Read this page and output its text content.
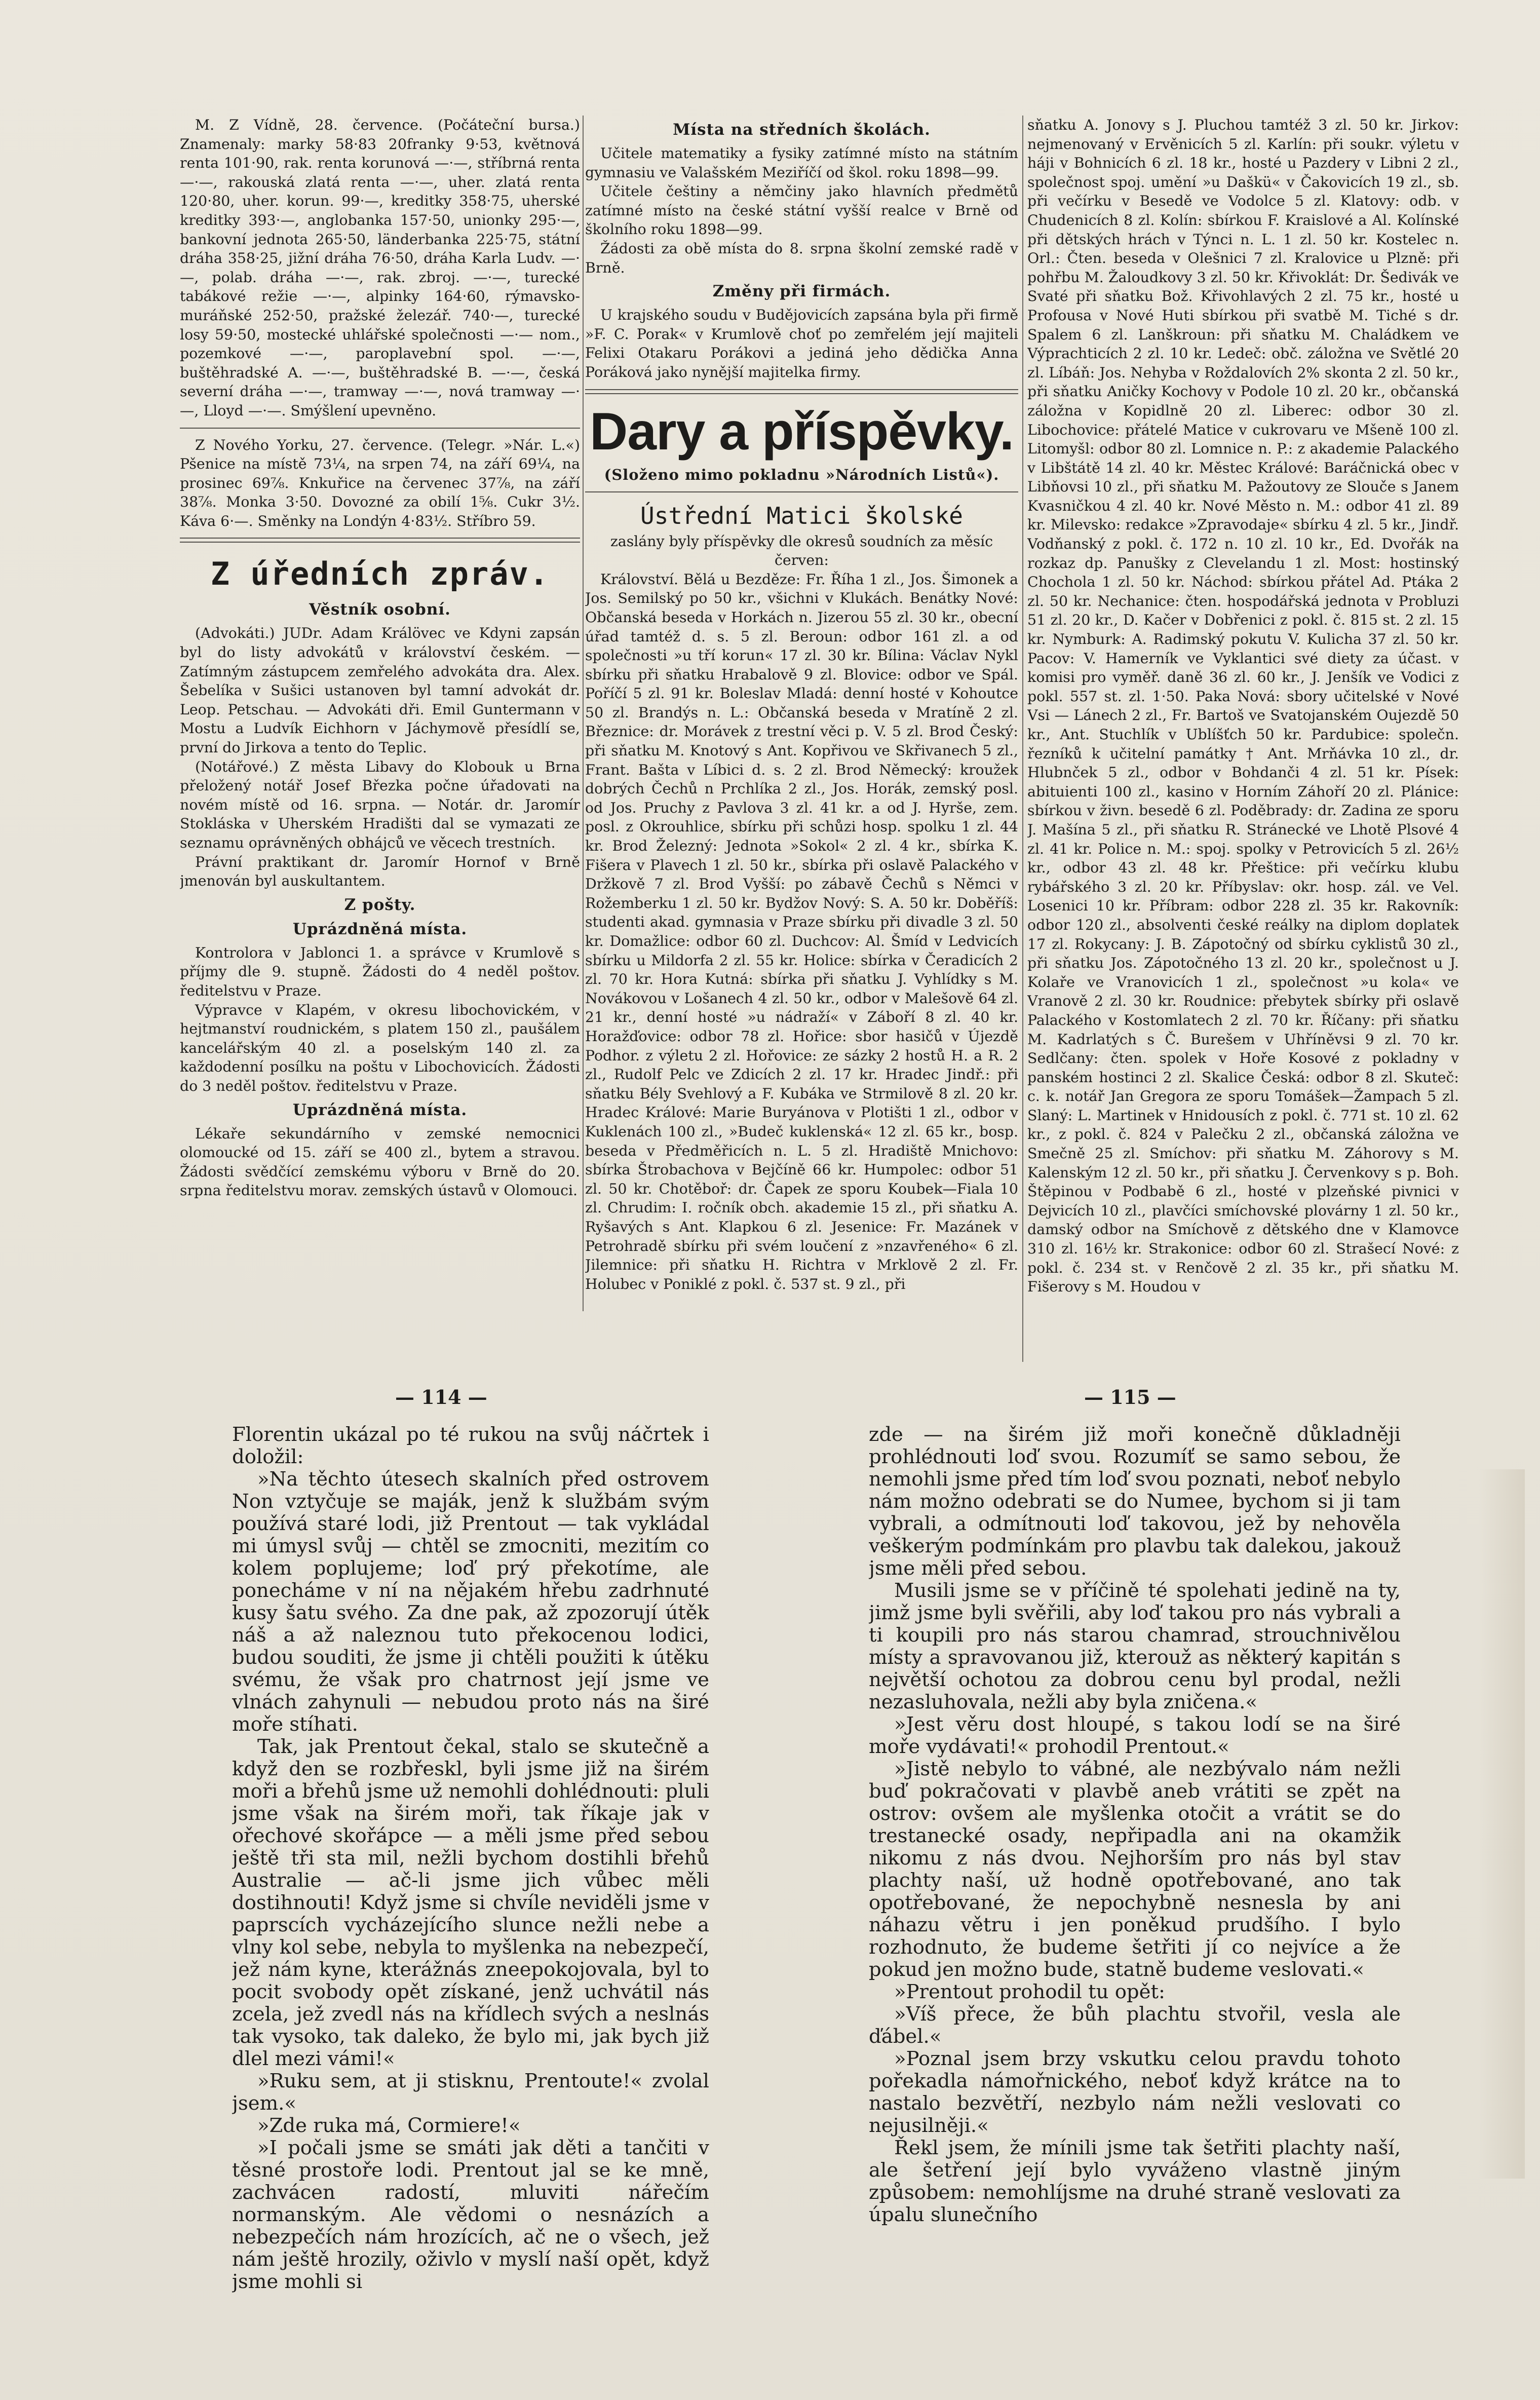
M. Z Vídně, 28. července. (Počáteční bursa.) Znamenaly: marky 58·83 20franky 9·53, květnová renta 101·90, rak. renta korunová —·—, stříbrná renta —·—, rakouská zlatá renta —·—, uher. zlatá renta 120·80, uher. korun. 99·—, kreditky 358·75, uherské kreditky 393·—, anglobanka 157·50, unionky 295·—, bankovní jednota 265·50, länderbanka 225·75, státní dráha 358·25, jižní dráha 76·50, dráha Karla Ludv. —·—, polab. dráha —·—, rak. zbroj. —·—, turecké tabákové režie —·—, alpinky 164·60, rýmavsko-muráňské 252·50, pražské železář. 740·—, turecké losy 59·50, mostecké uhlářské společnosti —·— nom., pozemkové —·—, paroplavební spol. —·—, buštěhradské A. —·—, buštěhradské B. —·—, česká severní dráha —·—, tramway —·—, nová tramway —·—, Lloyd —·—. Smýšlení upevněno.

Z Nového Yorku, 27. července. (Telegr. »Nár. L.«) Pšenice na místě 73¼, na srpen 74, na září 69¼, na prosinec 69⅞. Knkuřice na červenec 37⅞, na září 38⅞. Monka 3·50. Dovozné za obilí 1⅝. Cukr 3½. Káva 6·—. Směnky na Londýn 4·83½. Stříbro 59.

Z úředních zpráv.
Věstník osobní.

(Advokáti.) JUDr. Adam Králövec ve Kdyni zapsán byl do listy advokátů v království českém. — Zatímným zástupcem zemřelého advokáta dra. Alex. Šebelíka v Sušici ustanoven byl tamní advokát dr. Leop. Petschau. — Advokáti dři. Emil Guntermann v Mostu a Ludvík Eichhorn v Jáchymově přesídlí se, první do Jirkova a tento do Teplic.

(Notářové.) Z města Libavy do Klobouk u Brna přeložený notář Josef Březka počne úřadovati na novém místě od 16. srpna. — Notár. dr. Jaromír Stokláska v Uherském Hradišti dal se vymazati ze seznamu oprávněných obhájců ve věcech trestních.

Právní praktikant dr. Jaromír Hornof v Brně jmenován byl auskultantem.

Z pošty.
Uprázdněná místa.

Kontrolora v Jablonci 1. a správce v Krumlově s příjmy dle 9. stupně. Žádosti do 4 neděl poštov. ředitelstvu v Praze.

Výpravce v Klapém, v okresu libochovickém, v hejtmanství roudnickém, s platem 150 zl., paušálem kancelářským 40 zl. a poselským 140 zl. za každodenní posílku na poštu v Libochovicích. Žádosti do 3 neděl poštov. ředitelstvu v Praze.

Uprázdněná místa.

Lékaře sekundárního v zemské nemocnici olomoucké od 15. září se 400 zl., bytem a stravou. Žádosti svědčící zemskému výboru v Brně do 20. srpna ředitelstvu morav. zemských ústavů v Olomouci.

Místa na středních školách.

Učitele matematiky a fysiky zatímné místo na státním gymnasiu ve Valašském Meziříčí od škol. roku 1898—99.

Učitele češtiny a němčiny jako hlavních předmětů zatímné místo na české státní vyšší realce v Brně od školního roku 1898—99.

Žádosti za obě místa do 8. srpna školní zemské radě v Brně.

Změny při firmách.

U krajského soudu v Budějovicích zapsána byla při firmě »F. C. Porak« v Krumlově choť po zemřelém její majiteli Felixi Otakaru Porákovi a jediná jeho dědička Anna Poráková jako nynější majitelka firmy.

Dary a příspěvky.
(Složeno mimo pokladnu »Národních Listů«).
Ústřední Matici školské

zaslány byly příspěvky dle okresů soudních za měsíc červen:

Království. Bělá u Bezděze: Fr. Říha 1 zl., Jos. Šimonek a Jos. Semilský po 50 kr., všichni v Klukách. Benátky Nové: Občanská beseda v Horkách n. Jizerou 55 zl. 30 kr., obecní úřad tamtéž d. s. 5 zl. Beroun: odbor 161 zl. a od společnosti »u tří korun« 17 zl. 30 kr. Bílina: Václav Nykl sbírku při sňatku Hrabalově 9 zl. Blovice: odbor ve Spál. Poříčí 5 zl. 91 kr. Boleslav Mladá: denní hosté v Kohoutce 50 zl. Brandýs n. L.: Občanská beseda v Mratíně 2 zl. Březnice: dr. Morávek z trestní věci p. V. 5 zl. Brod Český: při sňatku M. Knotový s Ant. Kopřivou ve Skřivanech 5 zl., Frant. Bašta v Líbici d. s. 2 zl. Brod Německý: kroužek dobrých Čechů n Prchlíka 2 zl., Jos. Horák, zemský posl. od Jos. Pruchy z Pavlova 3 zl. 41 kr. a od J. Hyrše, zem. posl. z Okrouhlice, sbírku při schůzi hosp. spolku 1 zl. 44 kr. Brod Železný: Jednota »Sokol« 2 zl. 4 kr., sbírka K. Fišera v Plavech 1 zl. 50 kr., sbírka při oslavě Palackého v Držkově 7 zl. Brod Vyšší: po zábavě Čechů s Němci v Rožemberku 1 zl. 50 kr. Bydžov Nový: S. A. 50 kr. Doběříš: studenti akad. gymnasia v Praze sbírku při divadle 3 zl. 50 kr. Domažlice: odbor 60 zl. Duchcov: Al. Šmíd v Ledvicích sbírku u Mildorfa 2 zl. 55 kr. Holice: sbírka v Čeradicích 2 zl. 70 kr. Hora Kutná: sbírka při sňatku J. Vyhlídky s M. Novákovou v Lošanech 4 zl. 50 kr., odbor v Malešově 64 zl. 21 kr., denní hosté »u nádraží« v Záboří 8 zl. 40 kr. Horažďovice: odbor 78 zl. Hořice: sbor hasičů v Újezdě Podhor. z výletu 2 zl. Hořovice: ze sázky 2 hostů H. a R. 2 zl., Rudolf Pelc ve Zdicích 2 zl. 17 kr. Hradec Jindř.: při sňatku Bély Svehlový a F. Kubáka ve Strmilově 8 zl. 20 kr. Hradec Králové: Marie Buryánova v Plotišti 1 zl., odbor v Kuklenách 100 zl., »Budeč kuklenská« 12 zl. 65 kr., bosp. beseda v Předměřicích n. L. 5 zl. Hradiště Mnichovo: sbírka Štrobachova v Bejčíně 66 kr. Humpolec: odbor 51 zl. 50 kr. Chotěboř: dr. Čapek ze sporu Koubek—Fiala 10 zl. Chrudim: I. ročník obch. akademie 15 zl., při sňatku A. Ryšavých s Ant. Klapkou 6 zl. Jesenice: Fr. Mazánek v Petrohradě sbírku při svém loučení z »nzavřeného« 6 zl. Jilemnice: při sňatku H. Richtra v Mrklově 2 zl. Fr. Holubec v Poniklé z pokl. č. 537 st. 9 zl., při

sňatku A. Jonovy s J. Pluchou tamtéž 3 zl. 50 kr. Jirkov: nejmenovaný v Ervěnicích 5 zl. Karlín: při soukr. výletu v háji v Bohnicích 6 zl. 18 kr., hosté u Pazdery v Libni 2 zl., společnost spoj. umění »u Daškü« v Čakovicích 19 zl., sb. při večírku v Besedě ve Vodolce 5 zl. Klatovy: odb. v Chudenicích 8 zl. Kolín: sbírkou F. Kraislové a Al. Kolínské při dětských hrách v Týnci n. L. 1 zl. 50 kr. Kostelec n. Orl.: Čten. beseda v Olešnici 7 zl. Kralovice u Plzně: při pohřbu M. Žaloudkovy 3 zl. 50 kr. Křivoklát: Dr. Šedivák ve Svaté při sňatku Bož. Křivohlavých 2 zl. 75 kr., hosté u Profousa v Nové Huti sbírkou při svatbě M. Tiché s dr. Spalem 6 zl. Lanškroun: při sňatku M. Chaládkem ve Výprachticích 2 zl. 10 kr. Ledeč: obč. záložna ve Světlé 20 zl. Líbáň: Jos. Nehyba v Roždalovích 2% skonta 2 zl. 50 kr., při sňatku Aničky Kochovy v Podole 10 zl. 20 kr., občanská záložna v Kopidlně 20 zl. Liberec: odbor 30 zl. Libochovice: přátelé Matice v cukrovaru ve Mšeně 100 zl. Litomyšl: odbor 80 zl. Lomnice n. P.: z akademie Palackého v Libštátě 14 zl. 40 kr. Městec Králové: Baráčnická obec v Libňovsi 10 zl., při sňatku M. Pažoutovy ze Slouče s Janem Kvasničkou 4 zl. 40 kr. Nové Město n. M.: odbor 41 zl. 89 kr. Milevsko: redakce »Zpravodaje« sbírku 4 zl. 5 kr., Jindř. Vodňanský z pokl. č. 172 n. 10 zl. 10 kr., Ed. Dvořák na rozkaz dp. Panušky z Clevelandu 1 zl. Most: hostinský Chochola 1 zl. 50 kr. Náchod: sbírkou přátel Ad. Ptáka 2 zl. 50 kr. Nechanice: čten. hospodářská jednota v Probluzi 51 zl. 20 kr., D. Kačer v Dobřenici z pokl. č. 815 st. 2 zl. 15 kr. Nymburk: A. Radimský pokutu V. Kulicha 37 zl. 50 kr. Pacov: V. Hamerník ve Vyklantici své diety za účast. v komisi pro vyměř. daně 36 zl. 60 kr., J. Jenšík ve Vodici z pokl. 557 st. zl. 1·50. Paka Nová: sbory učitelské v Nové Vsi — Lánech 2 zl., Fr. Bartoš ve Svatojanském Oujezdě 50 kr., Ant. Stuchlík v Ublíšťch 50 kr. Pardubice: společn. řezníků k učitelní památky † Ant. Mrňávka 10 zl., dr. Hlubnček 5 zl., odbor v Bohdanči 4 zl. 51 kr. Písek: abituienti 100 zl., kasino v Horním Záhoří 20 zl. Plánice: sbírkou v živn. besedě 6 zl. Poděbrady: dr. Zadina ze sporu J. Mašína 5 zl., při sňatku R. Stránecké ve Lhotě Plsové 4 zl. 41 kr. Police n. M.: spoj. spolky v Petrovicích 5 zl. 26½ kr., odbor 43 zl. 48 kr. Přeštice: při večírku klubu rybářského 3 zl. 20 kr. Příbyslav: okr. hosp. zál. ve Vel. Losenici 10 kr. Příbram: odbor 228 zl. 35 kr. Rakovník: odbor 120 zl., absolventi české reálky na diplom doplatek 17 zl. Rokycany: J. B. Zápotočný od sbírku cyklistů 30 zl., při sňatku Jos. Zápotočného 13 zl. 20 kr., společnost u J. Kolaře ve Vranovicích 1 zl., společnost »u kola« ve Vranově 2 zl. 30 kr. Roudnice: přebytek sbírky při oslavě Palackého v Kostomlatech 2 zl. 70 kr. Říčany: při sňatku M. Kadrlatých s Č. Burešem v Uhříněvsi 9 zl. 70 kr. Sedlčany: čten. spolek v Hoře Kosové z pokladny v panském hostinci 2 zl. Skalice Česká: odbor 8 zl. Skuteč: c. k. notář Jan Gregora ze sporu Tomášek—Žampach 5 zl. Slaný: L. Martinek v Hnidousích z pokl. č. 771 st. 10 zl. 62 kr., z pokl. č. 824 v Palečku 2 zl., občanská záložna ve Smečně 25 zl. Smíchov: při sňatku M. Záhorovy s M. Kalenským 12 zl. 50 kr., při sňatku J. Červenkovy s p. Boh. Štěpinou v Podbabě 6 zl., hosté v plzeňské pivnici v Dejvicích 10 zl., plavčíci smíchovské plovárny 1 zl. 50 kr., damský odbor na Smíchově z dětského dne v Klamovce 310 zl. 16½ kr. Strakonice: odbor 60 zl. Strašecí Nové: z pokl. č. 234 st. v Renčově 2 zl. 35 kr., při sňatku M. Fišerovy s M. Houdou v

— 114 —	— 115 —

Florentin ukázal po té rukou na svůj náčrtek i doložil:

»Na těchto útesech skalních před ostrovem Non vztyčuje se maják, jenž k službám svým používá staré lodi, již Prentout — tak vykládal mi úmysl svůj — chtěl se zmocniti, mezitím co kolem poplujeme; loď prý překotíme, ale ponecháme v ní na nějakém hřebu zadrhnuté kusy šatu svého. Za dne pak, až zpozorují útěk náš a až naleznou tuto překocenou lodici, budou souditi, že jsme ji chtěli použiti k útěku svému, že však pro chatrnost její jsme ve vlnách zahynuli — nebudou proto nás na širé moře stíhati.

Tak, jak Prentout čekal, stalo se skutečně a když den se rozbřeskl, byli jsme již na širém moři a břehů jsme už nemohli dohlédnouti: pluli jsme však na širém moři, tak říkaje jak v ořechové skořápce — a měli jsme před sebou ještě tři sta mil, nežli bychom dostihli břehů Australie — ač-li jsme jich vůbec měli dostihnouti! Když jsme si chvíle neviděli jsme v paprscích vycházejícího slunce nežli nebe a vlny kol sebe, nebyla to myšlenka na nebezpečí, jež nám kyne, kterážnás zneepokojovala, byl to pocit svobody opět získané, jenž uchvátil nás zcela, jež zvedl nás na křídlech svých a neslnás tak vysoko, tak daleko, že bylo mi, jak bych již dlel mezi vámi!«

»Ruku sem, at ji stisknu, Prentoute!« zvolal jsem.«

»Zde ruka má, Cormiere!«

»I počali jsme se smáti jak děti a tančiti v těsné prostoře lodi. Prentout jal se ke mně, zachvácen radostí, mluviti nářečím normanským. Ale vědomi o nesnázích a nebezpečích nám hrozících, ač ne o všech, jež nám ještě hrozily, oživlo v myslí naší opět, když jsme mohli si

zde — na širém již moři konečně důkladněji prohlédnouti loď svou. Rozumíť se samo sebou, že nemohli jsme před tím loď svou poznati, neboť nebylo nám možno odebrati se do Numee, bychom si ji tam vybrali, a odmítnouti loď takovou, jež by nehověla veškerým podmínkám pro plavbu tak dalekou, jakouž jsme měli před sebou.

Musili jsme se v příčině té spolehati jedině na ty, jimž jsme byli svěřili, aby loď takou pro nás vybrali a ti koupili pro nás starou chamrad, strouchnivělou místy a spravovanou již, kterouž as některý kapitán s největší ochotou za dobrou cenu byl prodal, nežli nezasluhovala, nežli aby byla zničena.«

»Jest věru dost hloupé, s takou lodí se na širé moře vydávati!« prohodil Prentout.«

»Jistě nebylo to vábné, ale nezbývalo nám nežli buď pokračovati v plavbě aneb vrátiti se zpět na ostrov: ovšem ale myšlenka otočit a vrátit se do trestanecké osady, nepřipadla ani na okamžik nikomu z nás dvou. Nejhorším pro nás byl stav plachty naší, už hodně opotřebované, ano tak opotřebované, že nepochybně nesnesla by ani náhazu větru i jen poněkud prudšího. I bylo rozhodnuto, že budeme šetřiti jí co nejvíce a že pokud jen možno bude, statně budeme veslovati.«

»Prentout prohodil tu opět:

»Víš přece, že bůh plachtu stvořil, vesla ale ďábel.«

»Poznal jsem brzy vskutku celou pravdu tohoto pořekadla námořnického, neboť když krátce na to nastalo bezvětří, nezbylo nám nežli veslovati co nejusilněji.«

Řekl jsem, že mínili jsme tak šetřiti plachty naší, ale šetření její bylo vyváženo vlastně jiným způsobem: nemohlíjsme na druhé straně veslovati za úpalu slunečního
